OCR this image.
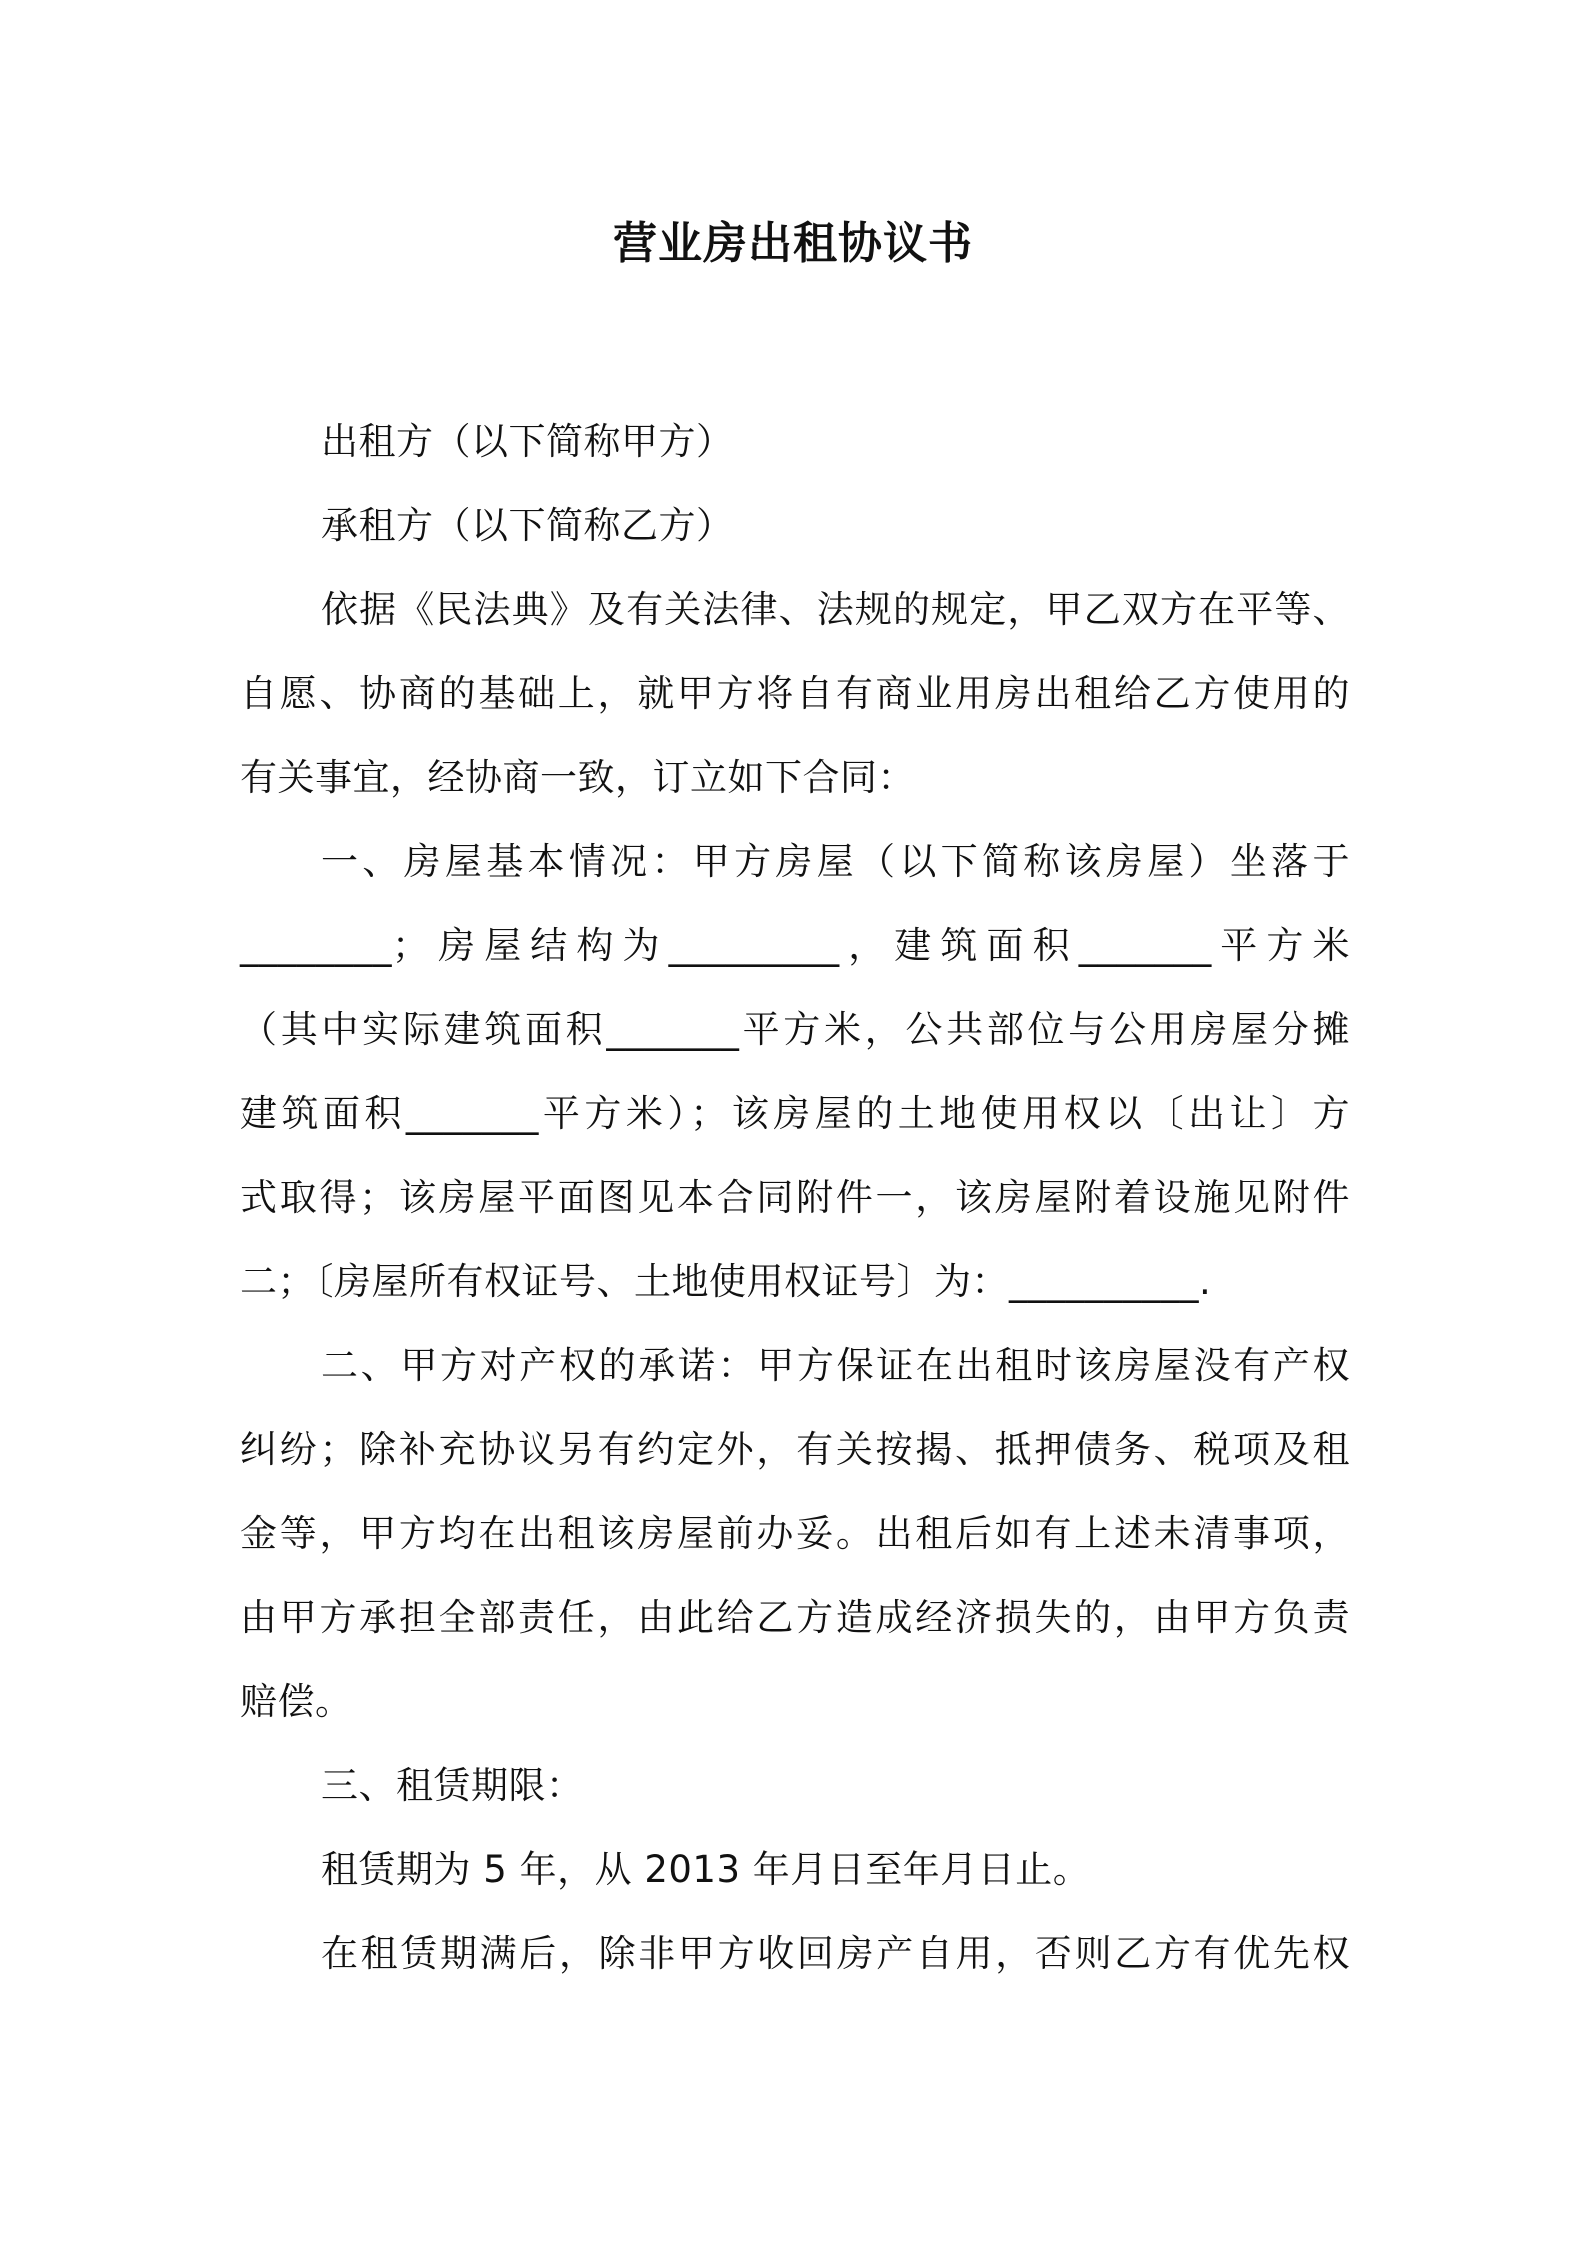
营业房出租协议书
出租方（以下简称甲方）
承租方（以下简称乙方）
依据《民法典》及有关法律、法规的规定，甲乙双方在平等、
自愿、协商的基础上，就甲方将自有商业用房出租给乙方使用的
有关事宜，经协商一致，订立如下合同：
一、房屋基本情况：甲方房屋（以下简称该房屋）坐落于
________；房屋结构为_________，建筑面积_______平方米
（其中实际建筑面积_______平方米，公共部位与公用房屋分摊
建筑面积_______平方米）；该房屋的土地使用权以〔出让〕方
式取得；该房屋平面图见本合同附件一，该房屋附着设施见附件
二；〔房屋所有权证号、土地使用权证号〕为：__________.
二、甲方对产权的承诺：甲方保证在出租时该房屋没有产权
纠纷；除补充协议另有约定外，有关按揭、抵押债务、税项及租
金等，甲方均在出租该房屋前办妥。出租后如有上述未清事项，
由甲方承担全部责任，由此给乙方造成经济损失的，由甲方负责
赔偿。
三、租赁期限：
租赁期为 5 年，从 2013 年月日至年月日止。
在租赁期满后，除非甲方收回房产自用，否则乙方有优先权
